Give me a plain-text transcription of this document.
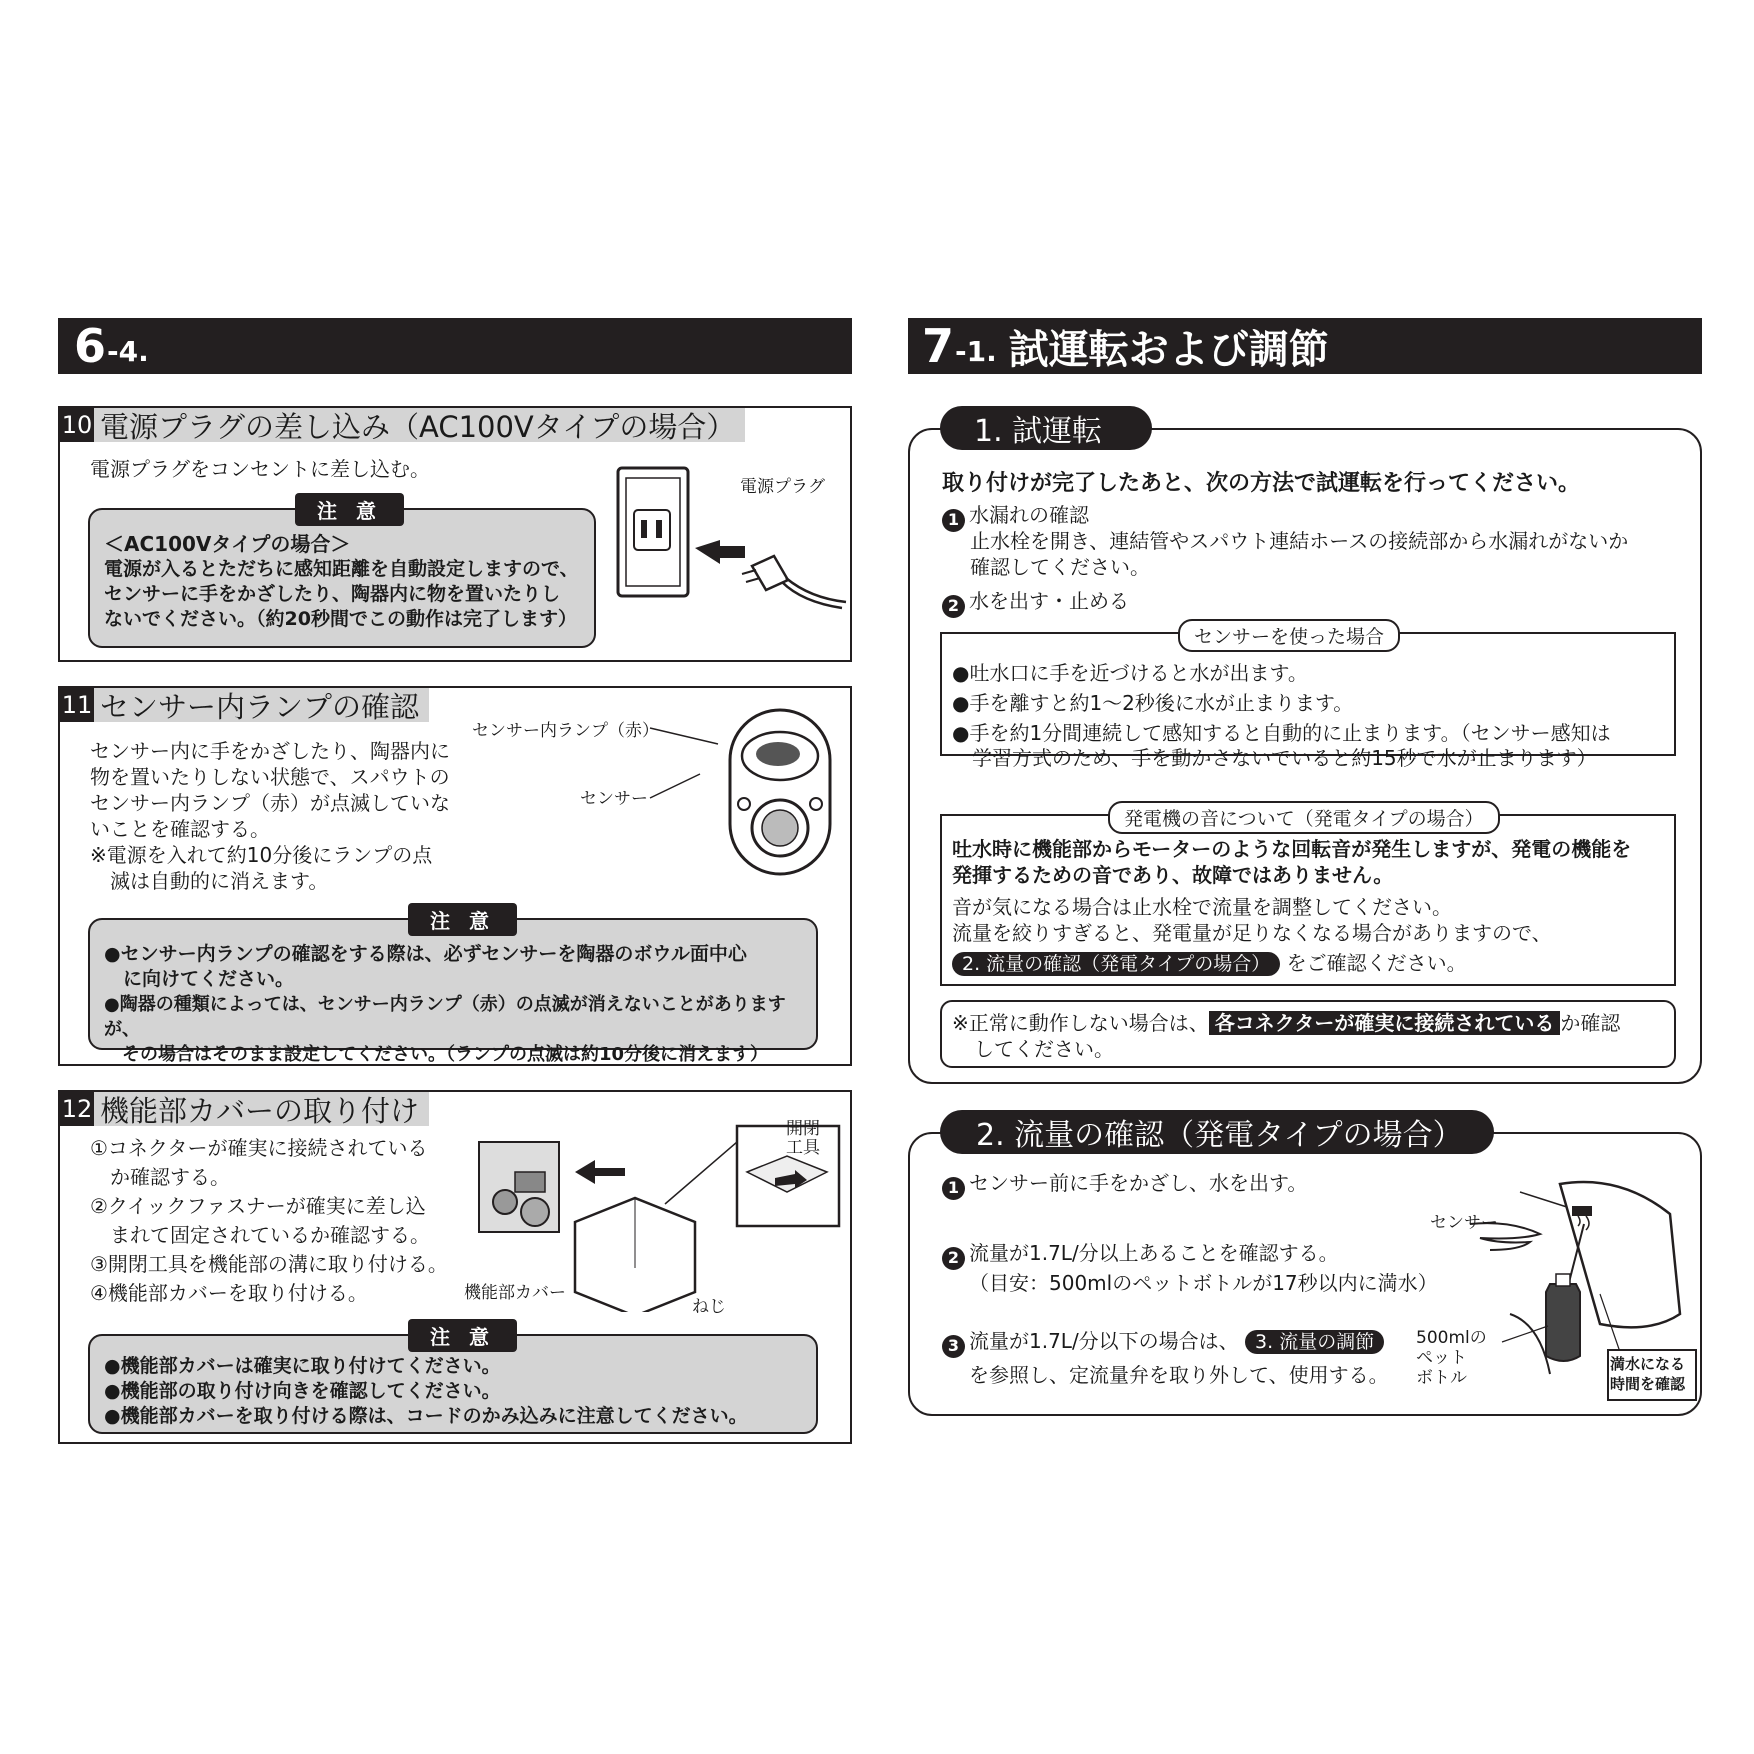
6 -4.
10 電源プラグの差し込み（AC100Vタイプの場合）
電源プラグをコンセントに差し込む。
注 意

＜AC100Vタイプの場合＞

電源が入るとただちに感知距離を自動設定しますので、

センサーに手をかざしたり、陶器内に物を置いたりし

ないでください。（約20秒間でこの動作は完了します）

電源プラグ
11 センサー内ランプの確認
センサー内に手をかざしたり、陶器内に
物を置いたりしない状態で、スパウトの
センサー内ランプ（赤）が点滅していな
いことを確認する。
※電源を入れて約10分後にランプの点
　滅は自動的に消えます。
センサー内ランプ（赤）
センサー
注 意

●センサー内ランプの確認をする際は、必ずセンサーを陶器のボウル面中心

　に向けてください。

●陶器の種類によっては、センサー内ランプ（赤）の点滅が消えないことがありますが、

　その場合はそのまま設定してください。（ランプの点滅は約10分後に消えます）

12 機能部カバーの取り付け
①コネクターが確実に接続されている
　か確認する。
②クイックファスナーが確実に差し込
　まれて固定されているか確認する。
③開閉工具を機能部の溝に取り付ける。
④機能部カバーを取り付ける。
開閉
工具
機能部カバー
ねじ
注 意

●機能部カバーは確実に取り付けてください。

●機能部の取り付け向きを確認してください。

●機能部カバーを取り付ける際は、コードのかみ込みに注意してください。

7 -1. 試運転および調節
1. 試運転
取り付けが完了したあと、次の方法で試運転を行ってください。
1 水漏れの確認
止水栓を開き、連結管やスパウト連結ホースの接続部から水漏れがないか
確認してください。
2 水を出す・止める
センサーを使った場合
●吐水口に手を近づけると水が出ます。
●手を離すと約1～2秒後に水が止まります。
●手を約1分間連続して感知すると自動的に止まります。（センサー感知は
　学習方式のため、手を動かさないでいると約15秒で水が止まります）
発電機の音について（発電タイプの場合）
吐水時に機能部からモーターのような回転音が発生しますが、発電の機能を
発揮するための音であり、故障ではありません。
音が気になる場合は止水栓で流量を調整してください。
流量を絞りすぎると、発電量が足りなくなる場合がありますので、
2. 流量の確認（発電タイプの場合） をご確認ください。
※正常に動作しない場合は、 各コネクターが確実に接続されている か確認
してください。
2. 流量の確認（発電タイプの場合）
1 センサー前に手をかざし、水を出す。
2 流量が1.7L/分以上あることを確認する。
（目安：500mlのペットボトルが17秒以内に満水）
3 流量が1.7L/分以下の場合は、 3. 流量の調節
を参照し、定流量弁を取り外して、使用する。
センサー
500mlの
ペット
ボトル
満水になる
時間を確認
